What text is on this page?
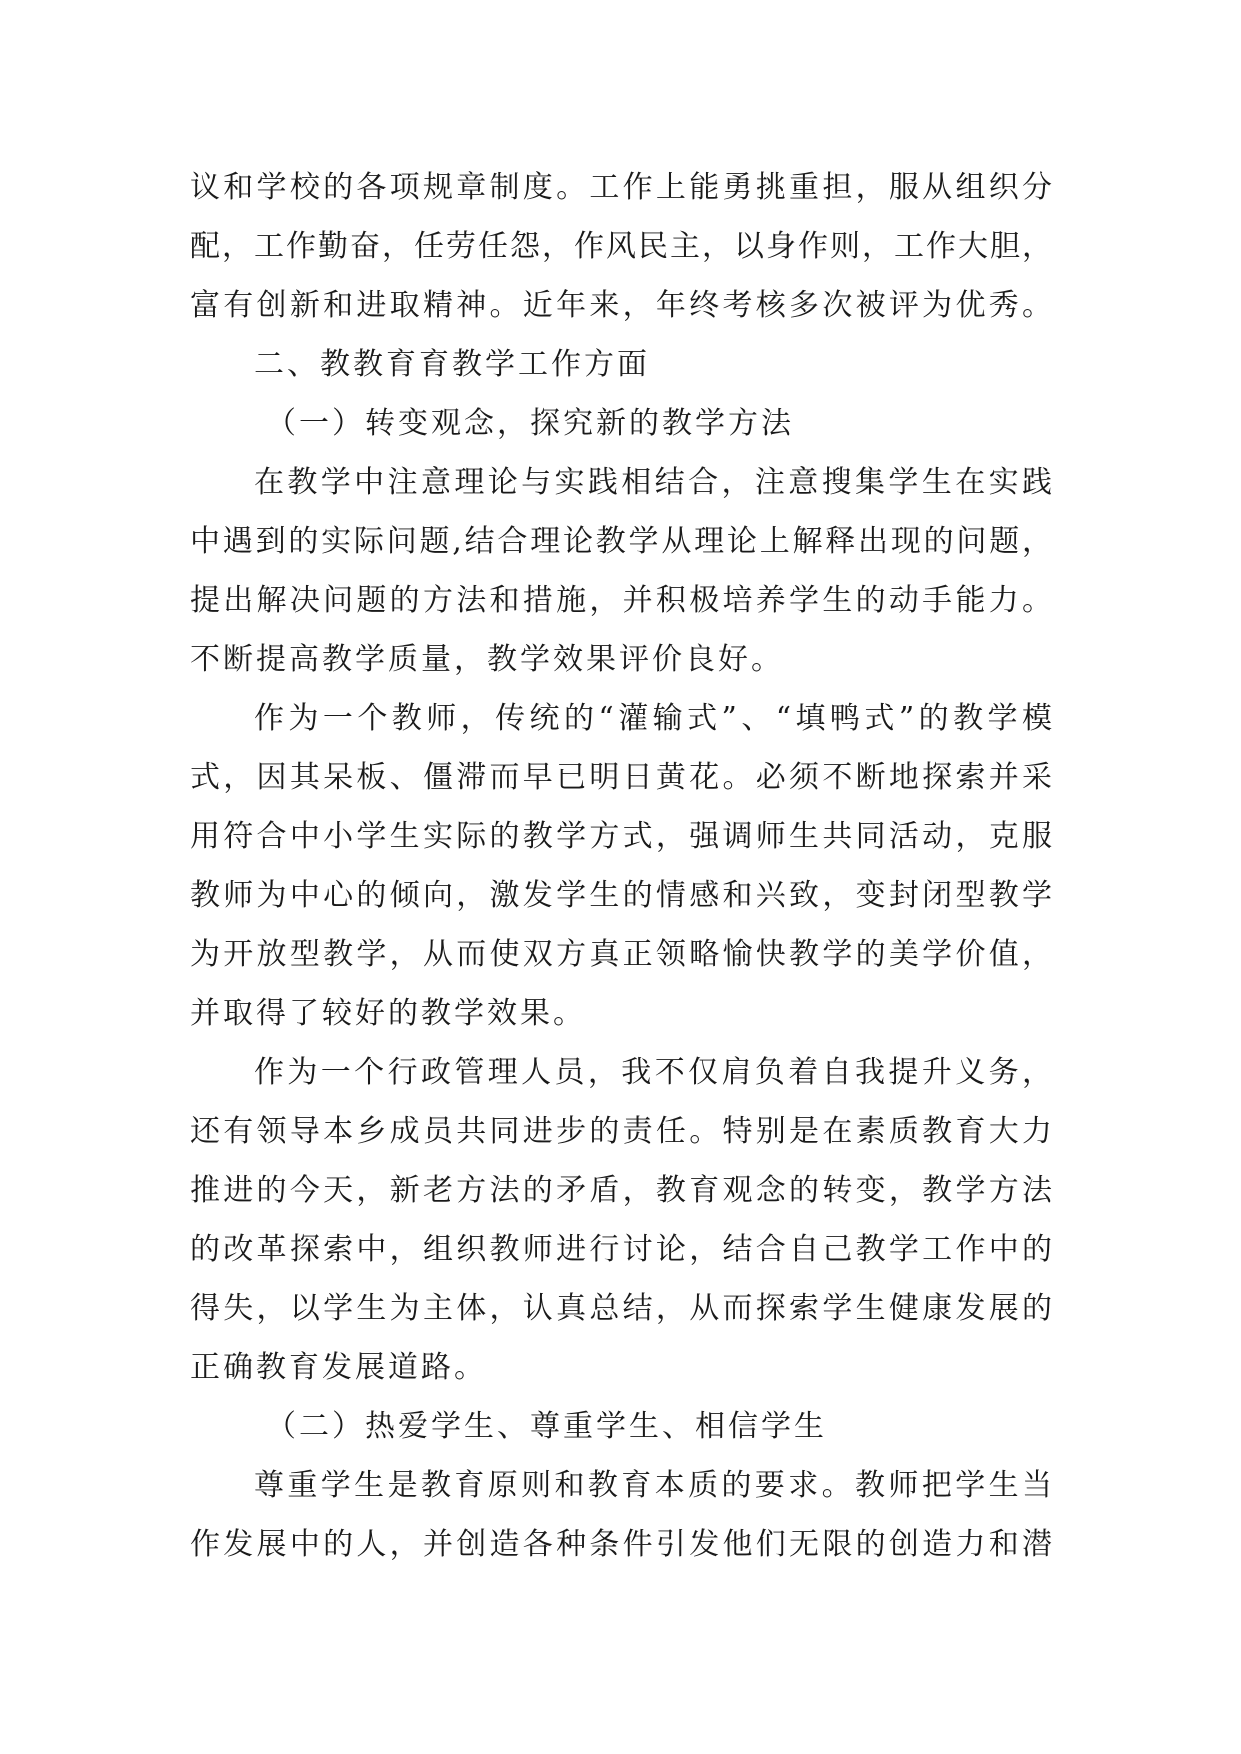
议和学校的各项规章制度。工作上能勇挑重担，服从组织分
配，工作勤奋，任劳任怨，作风民主，以身作则，工作大胆，
富有创新和进取精神。近年来，年终考核多次被评为优秀。
二、教教育育教学工作方面
（一）转变观念，探究新的教学方法
在教学中注意理论与实践相结合，注意搜集学生在实践
中遇到的实际问题,结合理论教学从理论上解释出现的问题，
提出解决问题的方法和措施，并积极培养学生的动手能力。
不断提高教学质量，教学效果评价良好。
作为一个教师，传统的“灌输式”、“填鸭式”的教学模
式，因其呆板、僵滞而早已明日黄花。必须不断地探索并采
用符合中小学生实际的教学方式，强调师生共同活动，克服
教师为中心的倾向，激发学生的情感和兴致，变封闭型教学
为开放型教学，从而使双方真正领略愉快教学的美学价值，
并取得了较好的教学效果。
作为一个行政管理人员，我不仅肩负着自我提升义务，
还有领导本乡成员共同进步的责任。特别是在素质教育大力
推进的今天，新老方法的矛盾，教育观念的转变，教学方法
的改革探索中，组织教师进行讨论，结合自己教学工作中的
得失，以学生为主体，认真总结，从而探索学生健康发展的
正确教育发展道路。
（二）热爱学生、尊重学生、相信学生
尊重学生是教育原则和教育本质的要求。教师把学生当
作发展中的人，并创造各种条件引发他们无限的创造力和潜
